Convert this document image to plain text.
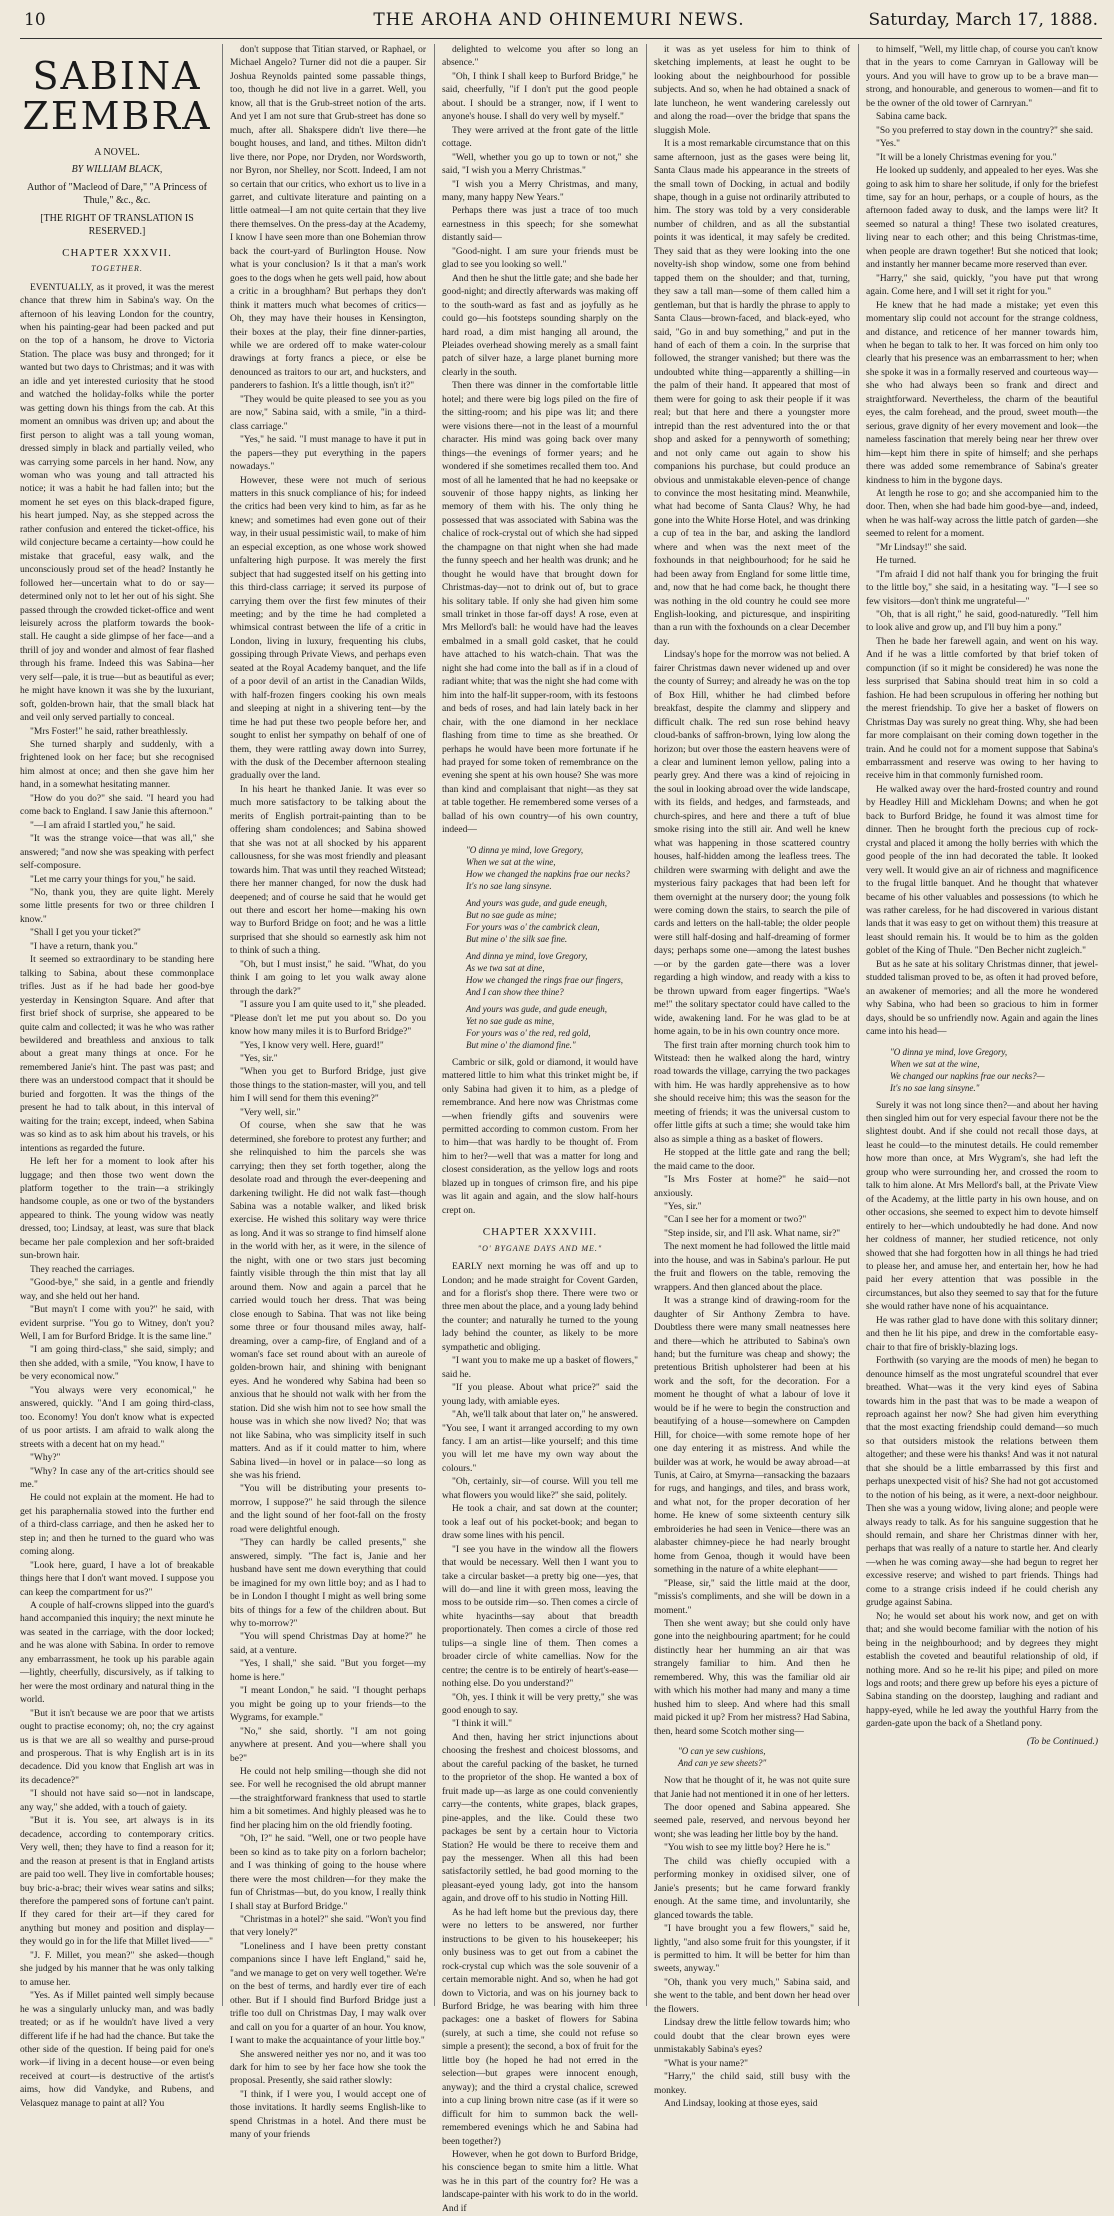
10	THE AROHA AND OHINEMURI NEWS.	Saturday, March 17, 1888.
SABINA ZEMBRA
A NOVEL.
BY WILLIAM BLACK,
Author of "Macleod of Dare," "A Princess of Thule," &c., &c.
[THE RIGHT OF TRANSLATION IS RESERVED.]
CHAPTER XXXVII.
TOGETHER.

EVENTUALLY, as it proved, it was the merest chance that threw him in Sabina's way. On the afternoon of his leaving London for the country, when his painting-gear had been packed and put on the top of a hansom, he drove to Victoria Station. The place was busy and thronged; for it wanted but two days to Christmas; and it was with an idle and yet interested curiosity that he stood and watched the holiday-folks while the porter was getting down his things from the cab. At this moment an omnibus was driven up; and about the first person to alight was a tall young woman, dressed simply in black and partially veiled, who was carrying some parcels in her hand. Now, any woman who was young and tall attracted his notice; it was a habit he had fallen into; but the moment he set eyes on this black-draped figure, his heart jumped. Nay, as she stepped across the rather confusion and entered the ticket-office, his wild conjecture became a certainty—how could he mistake that graceful, easy walk, and the unconsciously proud set of the head? Instantly he followed her—uncertain what to do or say—determined only not to let her out of his sight. She passed through the crowded ticket-office and went leisurely across the platform towards the book-stall. He caught a side glimpse of her face—and a thrill of joy and wonder and almost of fear flashed through his frame. Indeed this was Sabina—her very self—pale, it is true—but as beautiful as ever; he might have known it was she by the luxuriant, soft, golden-brown hair, that the small black hat and veil only served partially to conceal.

"Mrs Foster!" he said, rather breathlessly.

She turned sharply and suddenly, with a frightened look on her face; but she recognised him almost at once; and then she gave him her hand, in a somewhat hesitating manner.

"How do you do?" she said. "I heard you had come back to England. I saw Janie this afternoon."

"—I am afraid I startled you," he said.

"It was the strange voice—that was all," she answered; "and now she was speaking with perfect self-composure.

"Let me carry your things for you," he said.

"No, thank you, they are quite light. Merely some little presents for two or three children I know."

"Shall I get you your ticket?"

"I have a return, thank you."

It seemed so extraordinary to be standing here talking to Sabina, about these commonplace trifles. Just as if he had bade her good-bye yesterday in Kensington Square. And after that first brief shock of surprise, she appeared to be quite calm and collected; it was he who was rather bewildered and breathless and anxious to talk about a great many things at once. For he remembered Janie's hint. The past was past; and there was an understood compact that it should be buried and forgotten. It was the things of the present he had to talk about, in this interval of waiting for the train; except, indeed, when Sabina was so kind as to ask him about his travels, or his intentions as regarded the future.

He left her for a moment to look after his luggage; and then those two went down the platform together to the train—a strikingly handsome couple, as one or two of the bystanders appeared to think. The young widow was neatly dressed, too; Lindsay, at least, was sure that black became her pale complexion and her soft-braided sun-brown hair.

They reached the carriages.

"Good-bye," she said, in a gentle and friendly way, and she held out her hand.

"But mayn't I come with you?" he said, with evident surprise. "You go to Witney, don't you? Well, I am for Burford Bridge. It is the same line."

"I am going third-class," she said, simply; and then she added, with a smile, "You know, I have to be very economical now."

"You always were very economical," he answered, quickly. "And I am going third-class, too. Economy! You don't know what is expected of us poor artists. I am afraid to walk along the streets with a decent hat on my head."

"Why?"

"Why? In case any of the art-critics should see me."

He could not explain at the moment. He had to get his paraphernalia stowed into the further end of a third-class carriage, and then he asked her to step in; and then he turned to the guard who was coming along.

"Look here, guard, I have a lot of breakable things here that I don't want moved. I suppose you can keep the compartment for us?"

A couple of half-crowns slipped into the guard's hand accompanied this inquiry; the next minute he was seated in the carriage, with the door locked; and he was alone with Sabina. In order to remove any embarrassment, he took up his parable again—lightly, cheerfully, discursively, as if talking to her were the most ordinary and natural thing in the world.

"But it isn't because we are poor that we artists ought to practise economy; oh, no; the cry against us is that we are all so wealthy and purse-proud and prosperous. That is why English art is in its decadence. Did you know that English art was in its decadence?"

"I should not have said so—not in landscape, any way," she added, with a touch of gaiety.

"But it is. You see, art always is in its decadence, according to contemporary critics. Very well, then; they have to find a reason for it; and the reason at present is that in England artists are paid too well. They live in comfortable houses; buy bric-a-brac; their wives wear satins and silks; therefore the pampered sons of fortune can't paint. If they cared for their art—if they cared for anything but money and position and display—they would go in for the life that Millet lived——"

"J. F. Millet, you mean?" she asked—though she judged by his manner that he was only talking to amuse her.

"Yes. As if Millet painted well simply because he was a singularly unlucky man, and was badly treated; or as if he wouldn't have lived a very different life if he had had the chance. But take the other side of the question. If being paid for one's work—if living in a decent house—or even being received at court—is destructive of the artist's aims, how did Vandyke, and Rubens, and Velasquez manage to paint at all? You

don't suppose that Titian starved, or Raphael, or Michael Angelo? Turner did not die a pauper. Sir Joshua Reynolds painted some passable things, too, though he did not live in a garret. Well, you know, all that is the Grub-street notion of the arts. And yet I am not sure that Grub-street has done so much, after all. Shakspere didn't live there—he bought houses, and land, and tithes. Milton didn't live there, nor Pope, nor Dryden, nor Wordsworth, nor Byron, nor Shelley, nor Scott. Indeed, I am not so certain that our critics, who exhort us to live in a garret, and cultivate literature and painting on a little oatmeal—I am not quite certain that they live there themselves. On the press-day at the Academy, I know I have seen more than one Bohemian throw back the court-yard of Burlington House. Now what is your conclusion? Is it that a man's work goes to the dogs when he gets well paid, how about a critic in a broughham? But perhaps they don't think it matters much what becomes of critics—Oh, they may have their houses in Kensington, their boxes at the play, their fine dinner-parties, while we are ordered off to make water-colour drawings at forty francs a piece, or else be denounced as traitors to our art, and hucksters, and panderers to fashion. It's a little though, isn't it?"

"They would be quite pleased to see you as you are now," Sabina said, with a smile, "in a third-class carriage."

"Yes," he said. "I must manage to have it put in the papers—they put everything in the papers nowadays."

However, these were not much of serious matters in this snuck compliance of his; for indeed the critics had been very kind to him, as far as he knew; and sometimes had even gone out of their way, in their usual pessimistic wail, to make of him an especial exception, as one whose work showed unfaltering high purpose. It was merely the first subject that had suggested itself on his getting into this third-class carriage; it served its purpose of carrying them over the first few minutes of their meeting; and by the time he had completed a whimsical contrast between the life of a critic in London, living in luxury, frequenting his clubs, gossiping through Private Views, and perhaps even seated at the Royal Academy banquet, and the life of a poor devil of an artist in the Canadian Wilds, with half-frozen fingers cooking his own meals and sleeping at night in a shivering tent—by the time he had put these two people before her, and sought to enlist her sympathy on behalf of one of them, they were rattling away down into Surrey, with the dusk of the December afternoon stealing gradually over the land.

In his heart he thanked Janie. It was ever so much more satisfactory to be talking about the merits of English portrait-painting than to be offering sham condolences; and Sabina showed that she was not at all shocked by his apparent callousness, for she was most friendly and pleasant towards him. That was until they reached Witstead; there her manner changed, for now the dusk had deepened; and of course he said that he would get out there and escort her home—making his own way to Burford Bridge on foot; and he was a little surprised that she should so earnestly ask him not to think of such a thing.

"Oh, but I must insist," he said. "What, do you think I am going to let you walk away alone through the dark?"

"I assure you I am quite used to it," she pleaded. "Please don't let me put you about so. Do you know how many miles it is to Burford Bridge?"

"Yes, I know very well. Here, guard!"

"Yes, sir."

"When you get to Burford Bridge, just give those things to the station-master, will you, and tell him I will send for them this evening?"

"Very well, sir."

Of course, when she saw that he was determined, she forebore to protest any further; and she relinquished to him the parcels she was carrying; then they set forth together, along the desolate road and through the ever-deepening and darkening twilight. He did not walk fast—though Sabina was a notable walker, and liked brisk exercise. He wished this solitary way were thrice as long. And it was so strange to find himself alone in the world with her, as it were, in the silence of the night, with one or two stars just becoming faintly visible through the thin mist that lay all around them. Now and again a parcel that he carried would touch her dress. That was being close enough to Sabina. That was not like being some three or four thousand miles away, half-dreaming, over a camp-fire, of England and of a woman's face set round about with an aureole of golden-brown hair, and shining with benignant eyes. And he wondered why Sabina had been so anxious that he should not walk with her from the station. Did she wish him not to see how small the house was in which she now lived? No; that was not like Sabina, who was simplicity itself in such matters. And as if it could matter to him, where Sabina lived—in hovel or in palace—so long as she was his friend.

"You will be distributing your presents to-morrow, I suppose?" he said through the silence and the light sound of her foot-fall on the frosty road were delightful enough.

"They can hardly be called presents," she answered, simply. "The fact is, Janie and her husband have sent me down everything that could be imagined for my own little boy; and as I had to be in London I thought I might as well bring some bits of things for a few of the children about. But why to-morrow?"

"You will spend Christmas Day at home?" he said, at a venture.

"Yes, I shall," she said. "But you forget—my home is here."

"I meant London," he said. "I thought perhaps you might be going up to your friends—to the Wygrams, for example."

"No," she said, shortly. "I am not going anywhere at present. And you—where shall you be?"

He could not help smiling—though she did not see. For well he recognised the old abrupt manner—the straightforward frankness that used to startle him a bit sometimes. And highly pleased was he to find her placing him on the old friendly footing.

"Oh, I?" he said. "Well, one or two people have been so kind as to take pity on a forlorn bachelor; and I was thinking of going to the house where there were the most children—for they make the fun of Christmas—but, do you know, I really think I shall stay at Burford Bridge."

"Christmas in a hotel?" she said. "Won't you find that very lonely?"

"Loneliness and I have been pretty constant companions since I have left England," said he, "and we manage to get on very well together. We're on the best of terms, and hardly ever tire of each other. But if I should find Burford Bridge just a trifle too dull on Christmas Day, I may walk over and call on you for a quarter of an hour. You know, I want to make the acquaintance of your little boy."

She answered neither yes nor no, and it was too dark for him to see by her face how she took the proposal. Presently, she said rather slowly:

"I think, if I were you, I would accept one of those invitations. It hardly seems English-like to spend Christmas in a hotel. And there must be many of your friends

delighted to welcome you after so long an absence."

"Oh, I think I shall keep to Burford Bridge," he said, cheerfully, "if I don't put the good people about. I should be a stranger, now, if I went to anyone's house. I shall do very well by myself."

They were arrived at the front gate of the little cottage.

"Well, whether you go up to town or not," she said, "I wish you a Merry Christmas."

"I wish you a Merry Christmas, and many, many, many happy New Years."

Perhaps there was just a trace of too much earnestness in this speech; for she somewhat distantly said—

"Good-night. I am sure your friends must be glad to see you looking so well."

And then he shut the little gate; and she bade her good-night; and directly afterwards was making off to the south-ward as fast and as joyfully as he could go—his footsteps sounding sharply on the hard road, a dim mist hanging all around, the Pleiades overhead showing merely as a small faint patch of silver haze, a large planet burning more clearly in the south.

Then there was dinner in the comfortable little hotel; and there were big logs piled on the fire of the sitting-room; and his pipe was lit; and there were visions there—not in the least of a mournful character. His mind was going back over many things—the evenings of former years; and he wondered if she sometimes recalled them too. And most of all he lamented that he had no keepsake or souvenir of those happy nights, as linking her memory of them with his. The only thing he possessed that was associated with Sabina was the chalice of rock-crystal out of which she had sipped the champagne on that night when she had made the funny speech and her health was drunk; and he thought he would have that brought down for Christmas-day—not to drink out of, but to grace his solitary table. If only she had given him some small trinket in those far-off days! A rose, even at Mrs Mellord's ball: he would have had the leaves embalmed in a small gold casket, that he could have attached to his watch-chain. That was the night she had come into the ball as if in a cloud of radiant white; that was the night she had come with him into the half-lit supper-room, with its festoons and beds of roses, and had lain lately back in her chair, with the one diamond in her necklace flashing from time to time as she breathed. Or perhaps he would have been more fortunate if he had prayed for some token of remembrance on the evening she spent at his own house? She was more than kind and complaisant that night—as they sat at table together. He remembered some verses of a ballad of his own country—of his own country, indeed—

"O dinna ye mind, love Gregory,
When we sat at the wine,
How we changed the napkins frae our necks?
It's no sae lang sinsyne.
And yours was gude, and gude eneugh,
But no sae gude as mine;
For yours was o' the cambrick clean,
But mine o' the silk sae fine.
And dinna ye mind, love Gregory,
As we twa sat at dine,
How we changed the rings frae our fingers,
And I can show thee thine?
And yours was gude, and gude eneugh,
Yet no sae gude as mine,
For yours was o' the red, red gold,
But mine o' the diamond fine."

Cambric or silk, gold or diamond, it would have mattered little to him what this trinket might be, if only Sabina had given it to him, as a pledge of remembrance. And here now was Christmas come—when friendly gifts and souvenirs were permitted according to common custom. From her to him—that was hardly to be thought of. From him to her?—well that was a matter for long and closest consideration, as the yellow logs and roots blazed up in tongues of crimson fire, and his pipe was lit again and again, and the slow half-hours crept on.

CHAPTER XXXVIII.
"O' BYGANE DAYS AND ME."

EARLY next morning he was off and up to London; and he made straight for Covent Garden, and for a florist's shop there. There were two or three men about the place, and a young lady behind the counter; and naturally he turned to the young lady behind the counter, as likely to be more sympathetic and obliging.

"I want you to make me up a basket of flowers," said he.

"If you please. About what price?" said the young lady, with amiable eyes.

"Ah, we'll talk about that later on," he answered. "You see, I want it arranged according to my own fancy. I am an artist—like yourself; and this time you will let me have my own way about the colours."

"Oh, certainly, sir—of course. Will you tell me what flowers you would like?" she said, politely.

He took a chair, and sat down at the counter; took a leaf out of his pocket-book; and began to draw some lines with his pencil.

"I see you have in the window all the flowers that would be necessary. Well then I want you to take a circular basket—a pretty big one—yes, that will do—and line it with green moss, leaving the moss to be outside rim—so. Then comes a circle of white hyacinths—say about that breadth proportionately. Then comes a circle of those red tulips—a single line of them. Then comes a broader circle of white camellias. Now for the centre; the centre is to be entirely of heart's-ease—nothing else. Do you understand?"

"Oh, yes. I think it will be very pretty," she was good enough to say.

"I think it will."

And then, having her strict injunctions about choosing the freshest and choicest blossoms, and about the careful packing of the basket, he turned to the proprietor of the shop. He wanted a box of fruit made up—as large as one could conveniently carry—the contents, white grapes, black grapes, pine-apples, and the like. Could these two packages be sent by a certain hour to Victoria Station? He would be there to receive them and pay the messenger. When all this had been satisfactorily settled, he bad good morning to the pleasant-eyed young lady, got into the hansom again, and drove off to his studio in Notting Hill.

As he had left home but the previous day, there were no letters to be answered, nor further instructions to be given to his housekeeper; his only business was to get out from a cabinet the rock-crystal cup which was the sole souvenir of a certain memorable night. And so, when he had got down to Victoria, and was on his journey back to Burford Bridge, he was bearing with him three packages: one a basket of flowers for Sabina (surely, at such a time, she could not refuse so simple a present); the second, a box of fruit for the little boy (he hoped he had not erred in the selection—but grapes were innocent enough, anyway); and the third a crystal chalice, screwed into a cup lining brown nitre case (as if it were so difficult for him to summon back the well-remembered evenings which he and Sabina had been together?)

However, when he got down to Burford Bridge, his conscience began to smite him a little. What was he in this part of the country for? He was a landscape-painter with his work to do in the world. And if

it was as yet useless for him to think of sketching implements, at least he ought to be looking about the neighbourhood for possible subjects. And so, when he had obtained a snack of late luncheon, he went wandering carelessly out and along the road—over the bridge that spans the sluggish Mole.

It is a most remarkable circumstance that on this same afternoon, just as the gases were being lit, Santa Claus made his appearance in the streets of the small town of Docking, in actual and bodily shape, though in a guise not ordinarily attributed to him. The story was told by a very considerable number of children, and as all the substantial points it was identical, it may safely be credited. They said that as they were looking into the one novelty-ish shop window, some one from behind tapped them on the shoulder; and that, turning, they saw a tall man—some of them called him a gentleman, but that is hardly the phrase to apply to Santa Claus—brown-faced, and black-eyed, who said, "Go in and buy something," and put in the hand of each of them a coin. In the surprise that followed, the stranger vanished; but there was the undoubted white thing—apparently a shilling—in the palm of their hand. It appeared that most of them were for going to ask their people if it was real; but that here and there a youngster more intrepid than the rest adventured into the or that shop and asked for a pennyworth of something; and not only came out again to show his companions his purchase, but could produce an obvious and unmistakable eleven-pence of change to convince the most hesitating mind. Meanwhile, what had become of Santa Claus? Why, he had gone into the White Horse Hotel, and was drinking a cup of tea in the bar, and asking the landlord where and when was the next meet of the foxhounds in that neighbourhood; for he said he had been away from England for some little time, and, now that he had come back, he thought there was nothing in the old country he could see more English-looking, and picturesque, and inspiriting than a run with the foxhounds on a clear December day.

Lindsay's hope for the morrow was not belied. A fairer Christmas dawn never widened up and over the county of Surrey; and already he was on the top of Box Hill, whither he had climbed before breakfast, despite the clammy and slippery and difficult chalk. The red sun rose behind heavy cloud-banks of saffron-brown, lying low along the horizon; but over those the eastern heavens were of a clear and luminent lemon yellow, paling into a pearly grey. And there was a kind of rejoicing in the soul in looking abroad over the wide landscape, with its fields, and hedges, and farmsteads, and church-spires, and here and there a tuft of blue smoke rising into the still air. And well he knew what was happening in those scattered country houses, half-hidden among the leafless trees. The children were swarming with delight and awe the mysterious fairy packages that had been left for them overnight at the nursery door; the young folk were coming down the stairs, to search the pile of cards and letters on the hall-table; the older people were still half-dosing and half-dreaming of former days; perhaps some one—among the latest bushes—or by the garden gate—there was a lover regarding a high window, and ready with a kiss to be thrown upward from eager fingertips. "Wae's me!" the solitary spectator could have called to the wide, awakening land. For he was glad to be at home again, to be in his own country once more.

The first train after morning church took him to Witstead: then he walked along the hard, wintry road towards the village, carrying the two packages with him. He was hardly apprehensive as to how she should receive him; this was the season for the meeting of friends; it was the universal custom to offer little gifts at such a time; she would take him also as simple a thing as a basket of flowers.

He stopped at the little gate and rang the bell; the maid came to the door.

"Is Mrs Foster at home?" he said—not anxiously.

"Yes, sir."

"Can I see her for a moment or two?"

"Step inside, sir, and I'll ask. What name, sir?"

The next moment he had followed the little maid into the house, and was in Sabina's parlour. He put the fruit and flowers on the table, removing the wrappers. And then glanced about the place.

It was a strange kind of drawing-room for the daughter of Sir Anthony Zembra to have. Doubtless there were many small neatnesses here and there—which he attributed to Sabina's own hand; but the furniture was cheap and showy; the pretentious British upholsterer had been at his work and the soft, for the decoration. For a moment he thought of what a labour of love it would be if he were to begin the construction and beautifying of a house—somewhere on Campden Hill, for choice—with some remote hope of her one day entering it as mistress. And while the builder was at work, he would be away abroad—at Tunis, at Cairo, at Smyrna—ransacking the bazaars for rugs, and hangings, and tiles, and brass work, and what not, for the proper decoration of her home. He knew of some sixteenth century silk embroideries he had seen in Venice—there was an alabaster chimney-piece he had nearly brought home from Genoa, though it would have been something in the nature of a white elephant——

"Please, sir," said the little maid at the door, "missis's compliments, and she will be down in a moment."

Then she went away; but she could only have gone into the neighbouring apartment; for he could distinctly hear her humming an air that was strangely familiar to him. And then he remembered. Why, this was the familiar old air with which his mother had many and many a time hushed him to sleep. And where had this small maid picked it up? From her mistress? Had Sabina, then, heard some Scotch mother sing—

"O can ye sew cushions,
And can ye sew sheets?"

Now that he thought of it, he was not quite sure that Janie had not mentioned it in one of her letters.

The door opened and Sabina appeared. She seemed pale, reserved, and nervous beyond her wont; she was leading her little boy by the hand.

"You wish to see my little boy? Here he is."

The child was chiefly occupied with a performing monkey in oxidised silver, one of Janie's presents; but he came forward frankly enough. At the same time, and involuntarily, she glanced towards the table.

"I have brought you a few flowers," said he, lightly, "and also some fruit for this youngster, if it is permitted to him. It will be better for him than sweets, anyway."

"Oh, thank you very much," Sabina said, and she went to the table, and bent down her head over the flowers.

Lindsay drew the little fellow towards him; who could doubt that the clear brown eyes were unmistakably Sabina's eyes?

"What is your name?"

"Harry," the child said, still busy with the monkey.

And Lindsay, looking at those eyes, said

to himself, "Well, my little chap, of course you can't know that in the years to come Carnryan in Galloway will be yours. And you will have to grow up to be a brave man—strong, and honourable, and generous to women—and fit to be the owner of the old tower of Carnryan."

Sabina came back.

"So you preferred to stay down in the country?" she said.

"Yes."

"It will be a lonely Christmas evening for you."

He looked up suddenly, and appealed to her eyes. Was she going to ask him to share her solitude, if only for the briefest time, say for an hour, perhaps, or a couple of hours, as the afternoon faded away to dusk, and the lamps were lit? It seemed so natural a thing! These two isolated creatures, living near to each other; and this being Christmas-time, when people are drawn together! But she noticed that look; and instantly her manner became more reserved than ever.

"Harry," she said, quickly, "you have put that wrong again. Come here, and I will set it right for you."

He knew that he had made a mistake; yet even this momentary slip could not account for the strange coldness, and distance, and reticence of her manner towards him, when he began to talk to her. It was forced on him only too clearly that his presence was an embarrassment to her; when she spoke it was in a formally reserved and courteous way—she who had always been so frank and direct and straightforward. Nevertheless, the charm of the beautiful eyes, the calm forehead, and the proud, sweet mouth—the serious, grave dignity of her every movement and look—the nameless fascination that merely being near her threw over him—kept him there in spite of himself; and she perhaps there was added some remembrance of Sabina's greater kindness to him in the bygone days.

At length he rose to go; and she accompanied him to the door. Then, when she had bade him good-bye—and, indeed, when he was half-way across the little patch of garden—she seemed to relent for a moment.

"Mr Lindsay!" she said.

He turned.

"I'm afraid I did not half thank you for bringing the fruit to the little boy," she said, in a hesitating way. "I—I see so few visitors—don't think me ungrateful—"

"Oh, that is all right," he said, good-naturedly. "Tell him to look alive and grow up, and I'll buy him a pony."

Then he bade her farewell again, and went on his way. And if he was a little comforted by that brief token of compunction (if so it might be considered) he was none the less surprised that Sabina should treat him in so cold a fashion. He had been scrupulous in offering her nothing but the merest friendship. To give her a basket of flowers on Christmas Day was surely no great thing. Why, she had been far more complaisant on their coming down together in the train. And he could not for a moment suppose that Sabina's embarrassment and reserve was owing to her having to receive him in that commonly furnished room.

He walked away over the hard-frosted country and round by Headley Hill and Mickleham Downs; and when he got back to Burford Bridge, he found it was almost time for dinner. Then he brought forth the precious cup of rock-crystal and placed it among the holly berries with which the good people of the inn had decorated the table. It looked very well. It would give an air of richness and magnificence to the frugal little banquet. And he thought that whatever became of his other valuables and possessions (to which he was rather careless, for he had discovered in various distant lands that it was easy to get on without them) this treasure at least should remain his. It would be to him as the golden goblet of the King of Thule. "Den Becher nicht zugleich."

But as he sate at his solitary Christmas dinner, that jewel-studded talisman proved to be, as often it had proved before, an awakener of memories; and all the more he wondered why Sabina, who had been so gracious to him in former days, should be so unfriendly now. Again and again the lines came into his head—

"O dinna ye mind, love Gregory,
When we sat at the wine,
We changed our napkins frae our necks?—
It's no sae lang sinsyne."

Surely it was not long since then?—and about her having then singled him out for very especial favour there not be the slightest doubt. And if she could not recall those days, at least he could—to the minutest details. He could remember how more than once, at Mrs Wygram's, she had left the group who were surrounding her, and crossed the room to talk to him alone. At Mrs Mellord's ball, at the Private View of the Academy, at the little party in his own house, and on other occasions, she seemed to expect him to devote himself entirely to her—which undoubtedly he had done. And now her coldness of manner, her studied reticence, not only showed that she had forgotten how in all things he had tried to please her, and amuse her, and entertain her, how he had paid her every attention that was possible in the circumstances, but also they seemed to say that for the future she would rather have none of his acquaintance.

He was rather glad to have done with this solitary dinner; and then he lit his pipe, and drew in the comfortable easy-chair to that fire of briskly-blazing logs.

Forthwith (so varying are the moods of men) he began to denounce himself as the most ungrateful scoundrel that ever breathed. What—was it the very kind eyes of Sabina towards him in the past that was to be made a weapon of reproach against her now? She had given him everything that the most exacting friendship could demand—so much so that outsiders mistook the relations between them altogether; and these were his thanks! And was it not natural that she should be a little embarrassed by this first and perhaps unexpected visit of his? She had not got accustomed to the notion of his being, as it were, a next-door neighbour. Then she was a young widow, living alone; and people were always ready to talk. As for his sanguine suggestion that he should remain, and share her Christmas dinner with her, perhaps that was really of a nature to startle her. And clearly—when he was coming away—she had begun to regret her excessive reserve; and wished to part friends. Things had come to a strange crisis indeed if he could cherish any grudge against Sabina.

No; he would set about his work now, and get on with that; and she would become familiar with the notion of his being in the neighbourhood; and by degrees they might establish the coveted and beautiful relationship of old, if nothing more. And so he re-lit his pipe; and piled on more logs and roots; and there grew up before his eyes a picture of Sabina standing on the doorstep, laughing and radiant and happy-eyed, while he led away the youthful Harry from the garden-gate upon the back of a Shetland pony.

(To be Continued.)
